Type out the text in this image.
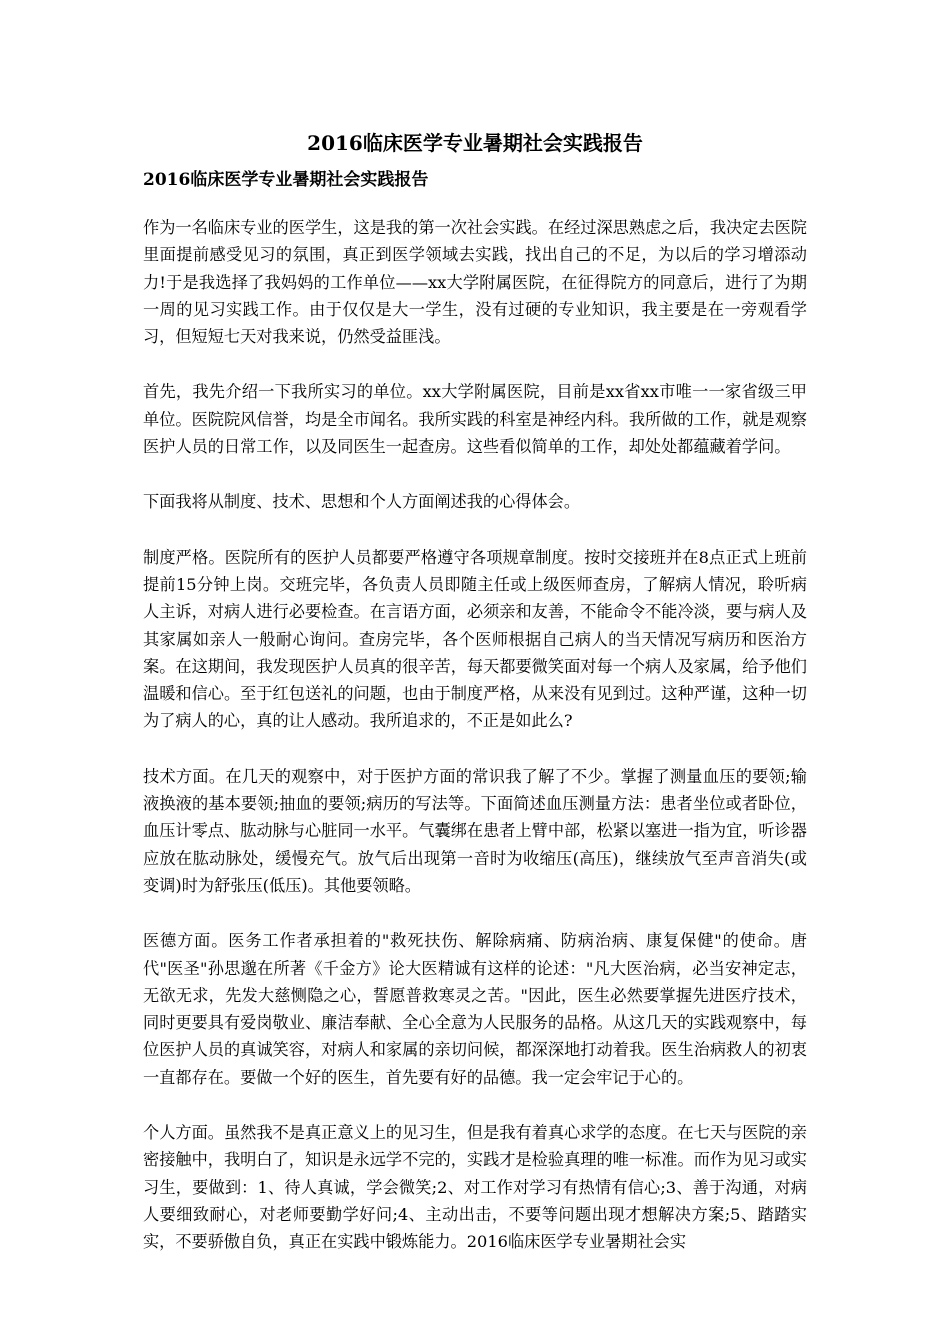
2016临床医学专业暑期社会实践报告
2016临床医学专业暑期社会实践报告

作为一名临床专业的医学生，这是我的第一次社会实践。在经过深思熟虑之后，我决定去医院里面提前感受见习的氛围，真正到医学领域去实践，找出自己的不足，为以后的学习增添动力!于是我选择了我妈妈的工作单位——xx大学附属医院，在征得院方的同意后，进行了为期一周的见习实践工作。由于仅仅是大一学生，没有过硬的专业知识，我主要是在一旁观看学习，但短短七天对我来说，仍然受益匪浅。

首先，我先介绍一下我所实习的单位。xx大学附属医院，目前是xx省xx市唯一一家省级三甲单位。医院院风信誉，均是全市闻名。我所实践的科室是神经内科。我所做的工作，就是观察医护人员的日常工作，以及同医生一起查房。这些看似简单的工作，却处处都蕴藏着学问。

下面我将从制度、技术、思想和个人方面阐述我的心得体会。

制度严格。医院所有的医护人员都要严格遵守各项规章制度。按时交接班并在8点正式上班前提前15分钟上岗。交班完毕，各负责人员即随主任或上级医师查房，了解病人情况，聆听病人主诉，对病人进行必要检查。在言语方面，必须亲和友善，不能命令不能冷淡，要与病人及其家属如亲人一般耐心询问。查房完毕，各个医师根据自己病人的当天情况写病历和医治方案。在这期间，我发现医护人员真的很辛苦，每天都要微笑面对每一个病人及家属，给予他们温暖和信心。至于红包送礼的问题，也由于制度严格，从来没有见到过。这种严谨，这种一切为了病人的心，真的让人感动。我所追求的，不正是如此么?

技术方面。在几天的观察中，对于医护方面的常识我了解了不少。掌握了测量血压的要领;输液换液的基本要领;抽血的要领;病历的写法等。下面简述血压测量方法：患者坐位或者卧位，血压计零点、肱动脉与心脏同一水平。气囊绑在患者上臂中部，松紧以塞进一指为宜，听诊器应放在肱动脉处，缓慢充气。放气后出现第一音时为收缩压(高压)，继续放气至声音消失(或变调)时为舒张压(低压)。其他要领略。

医德方面。医务工作者承担着的"救死扶伤、解除病痛、防病治病、康复保健"的使命。唐代"医圣"孙思邈在所著《千金方》论大医精诚有这样的论述："凡大医治病，必当安神定志，无欲无求，先发大慈恻隐之心，誓愿普救寒灵之苦。"因此，医生必然要掌握先进医疗技术，同时更要具有爱岗敬业、廉洁奉献、全心全意为人民服务的品格。从这几天的实践观察中，每位医护人员的真诚笑容，对病人和家属的亲切问候，都深深地打动着我。医生治病救人的初衷一直都存在。要做一个好的医生，首先要有好的品德。我一定会牢记于心的。

个人方面。虽然我不是真正意义上的见习生，但是我有着真心求学的态度。在七天与医院的亲密接触中，我明白了，知识是永远学不完的，实践才是检验真理的唯一标准。而作为见习或实习生，要做到：1、待人真诚，学会微笑;2、对工作对学习有热情有信心;3、善于沟通，对病人要细致耐心，对老师要勤学好问;4、主动出击，不要等问题出现才想解决方案;5、踏踏实实，不要骄傲自负，真正在实践中锻炼能力。2016临床医学专业暑期社会实
